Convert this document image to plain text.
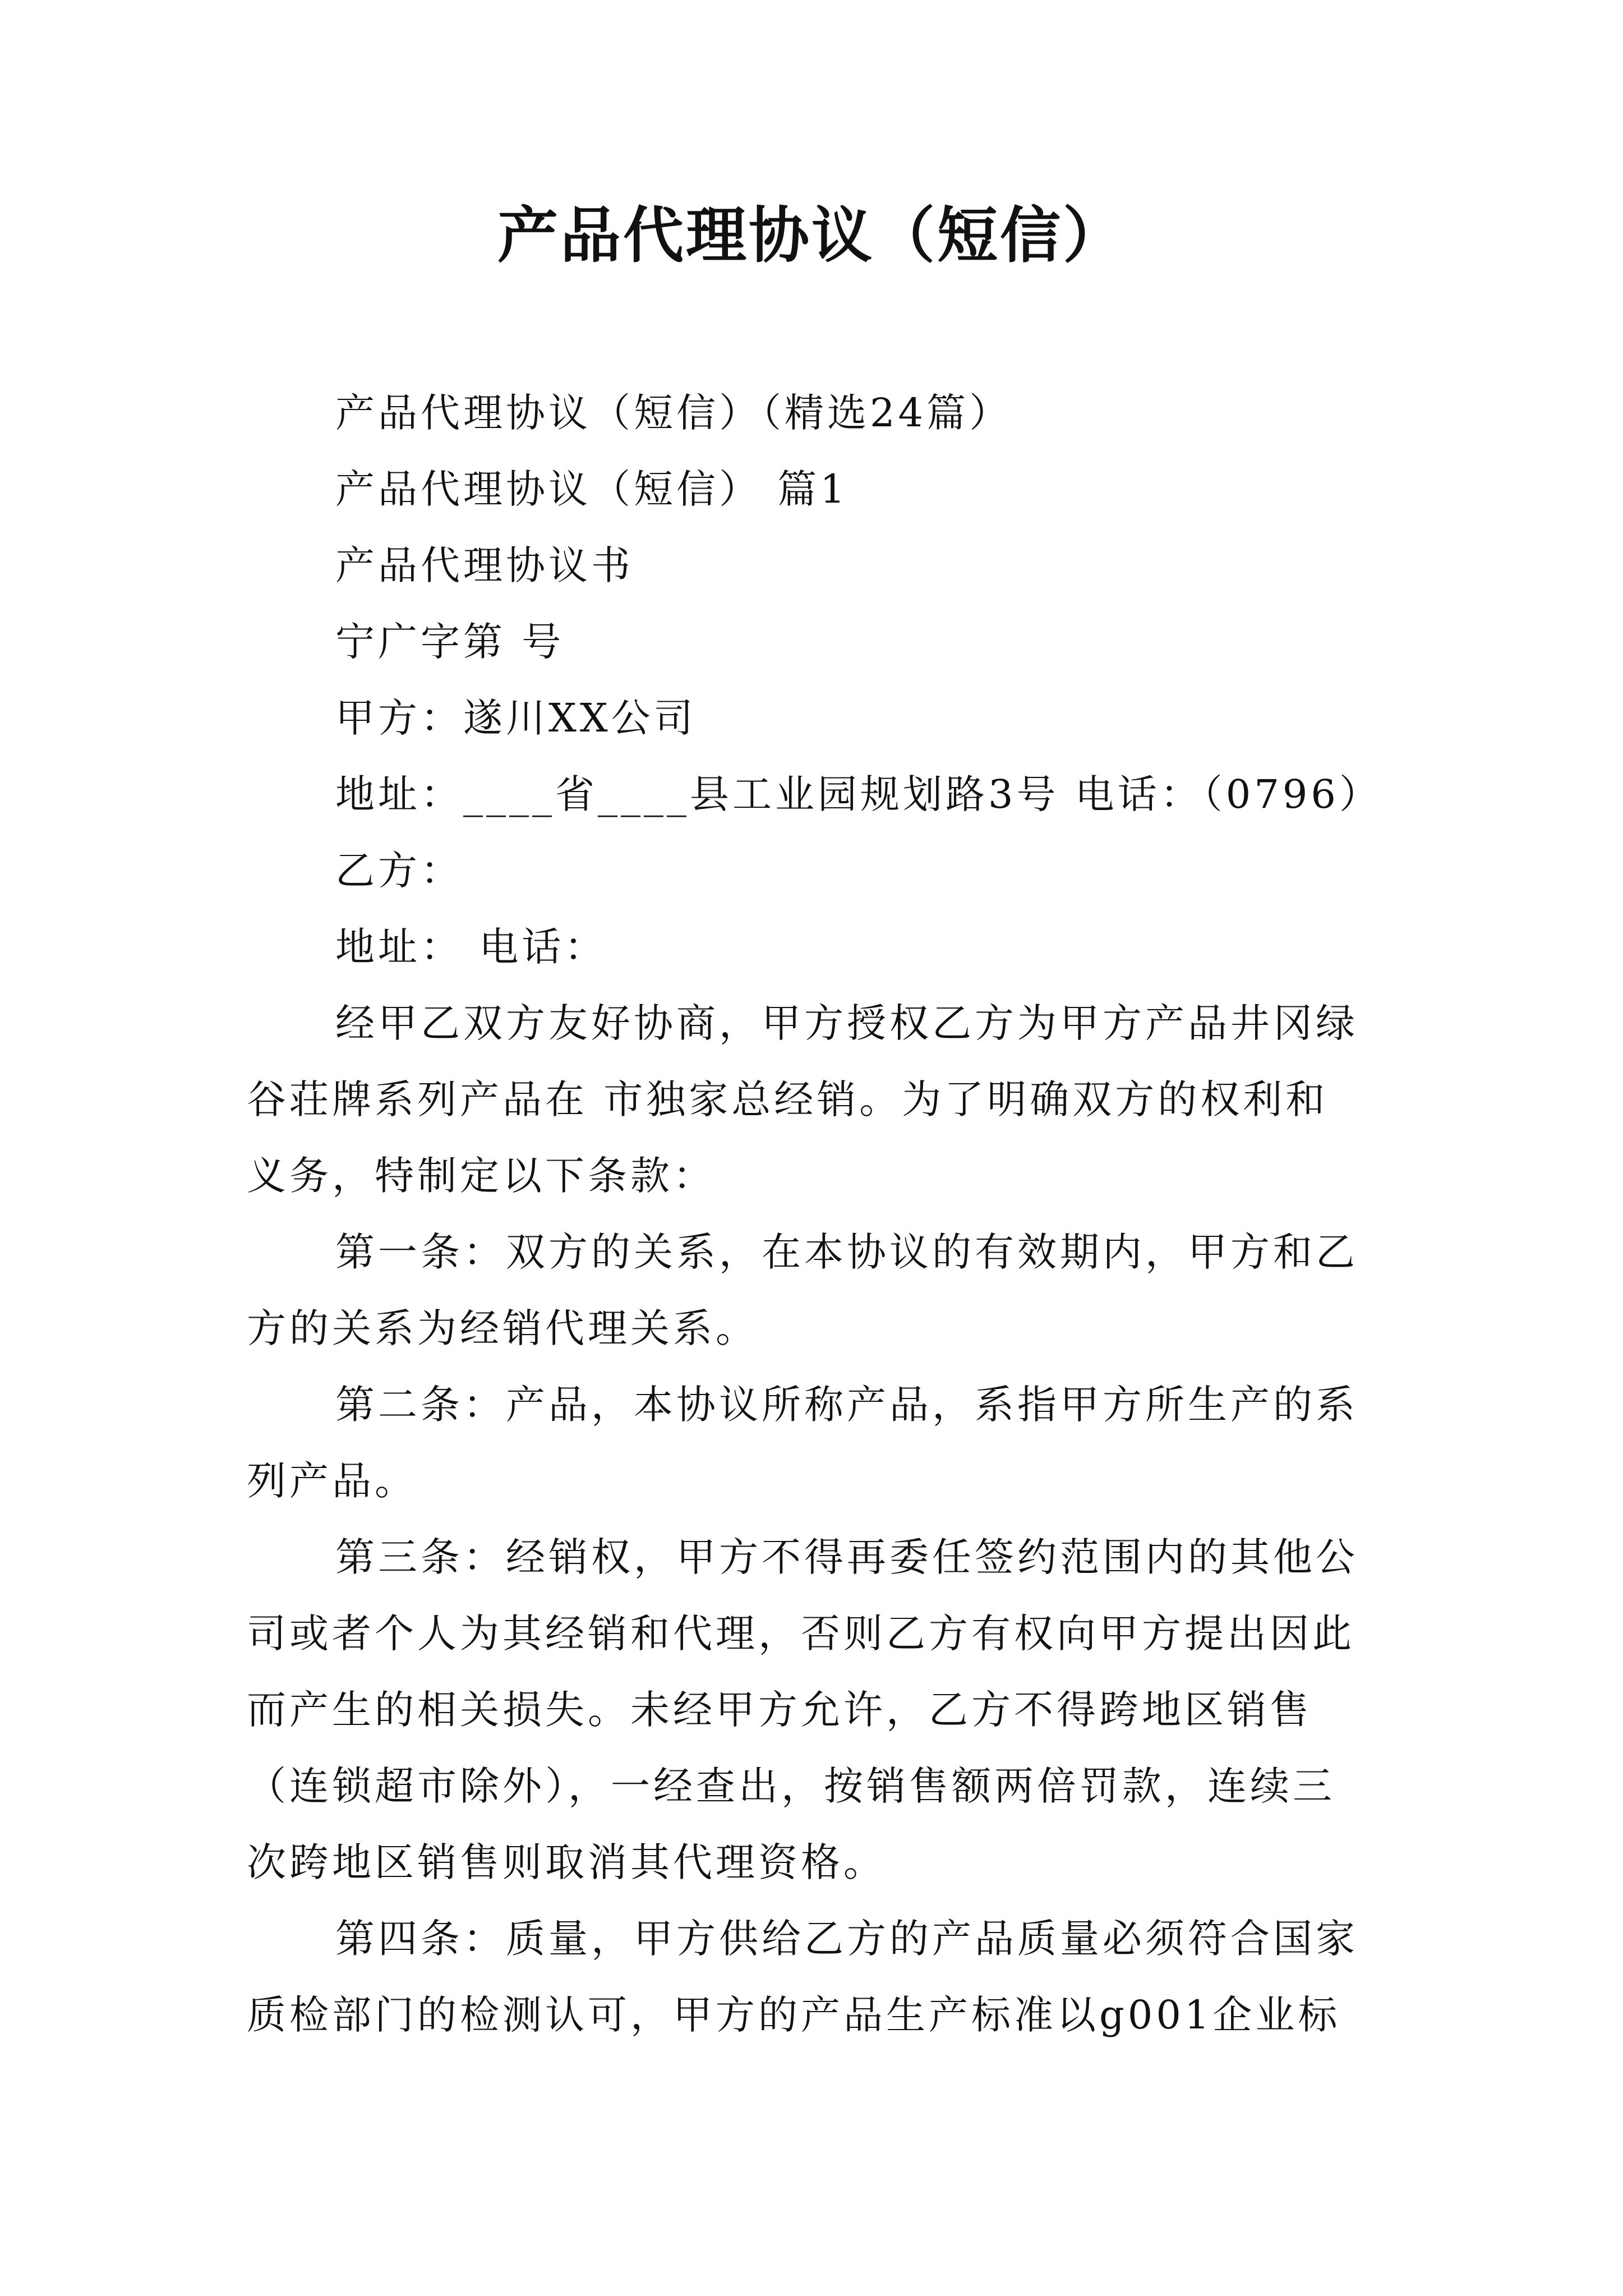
产品代理协议（短信）
产品代理协议（短信）（精选24篇）
产品代理协议（短信） 篇1
产品代理协议书
宁广字第 号
甲方：遂川XX公司
地址：____省____县工业园规划路3号 电话：（0796）
乙方：
地址： 电话：
经甲乙双方友好协商，甲方授权乙方为甲方产品井冈绿
谷荘牌系列产品在 市独家总经销。为了明确双方的权利和
义务，特制定以下条款：
第一条：双方的关系，在本协议的有效期内，甲方和乙
方的关系为经销代理关系。
第二条：产品，本协议所称产品，系指甲方所生产的系
列产品。
第三条：经销权，甲方不得再委任签约范围内的其他公
司或者个人为其经销和代理，否则乙方有权向甲方提出因此
而产生的相关损失。未经甲方允许，乙方不得跨地区销售
（连锁超市除外），一经查出，按销售额两倍罚款，连续三
次跨地区销售则取消其代理资格。
第四条：质量，甲方供给乙方的产品质量必须符合国家
质检部门的检测认可，甲方的产品生产标准以g001企业标
